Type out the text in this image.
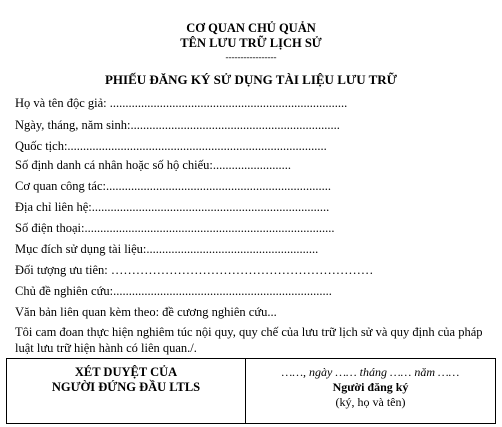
CƠ QUAN CHỦ QUẢN
TÊN LƯU TRỮ LỊCH SỬ
-----------------
PHIẾU ĐĂNG KÝ SỬ DỤNG TÀI LIỆU LƯU TRỮ
Họ và tên độc giả: ............................................................................
Ngày, tháng, năm sinh:...................................................................
Quốc tịch:...................................................................................
Số định danh cá nhân hoặc số hộ chiếu:.........................
Cơ quan công tác:........................................................................
Địa chỉ liên hệ:............................................................................
Số điện thoại:................................................................................
Mục đích sử dụng tài liệu:.......................................................
Đối tượng ưu tiên: ………………………………………………………
Chủ đề nghiên cứu:......................................................................
Văn bản liên quan kèm theo: đề cương nghiên cứu...
Tôi cam đoan thực hiện nghiêm túc nội quy, quy chế của lưu trữ lịch sử và quy định của pháp luật lưu trữ hiện hành có liên quan./.
XÉT DUYỆT CỦA
NGƯỜI ĐỨNG ĐẦU LTLS
……, ngày …… tháng …… năm ……
Người đăng ký
(ký, họ và tên)
